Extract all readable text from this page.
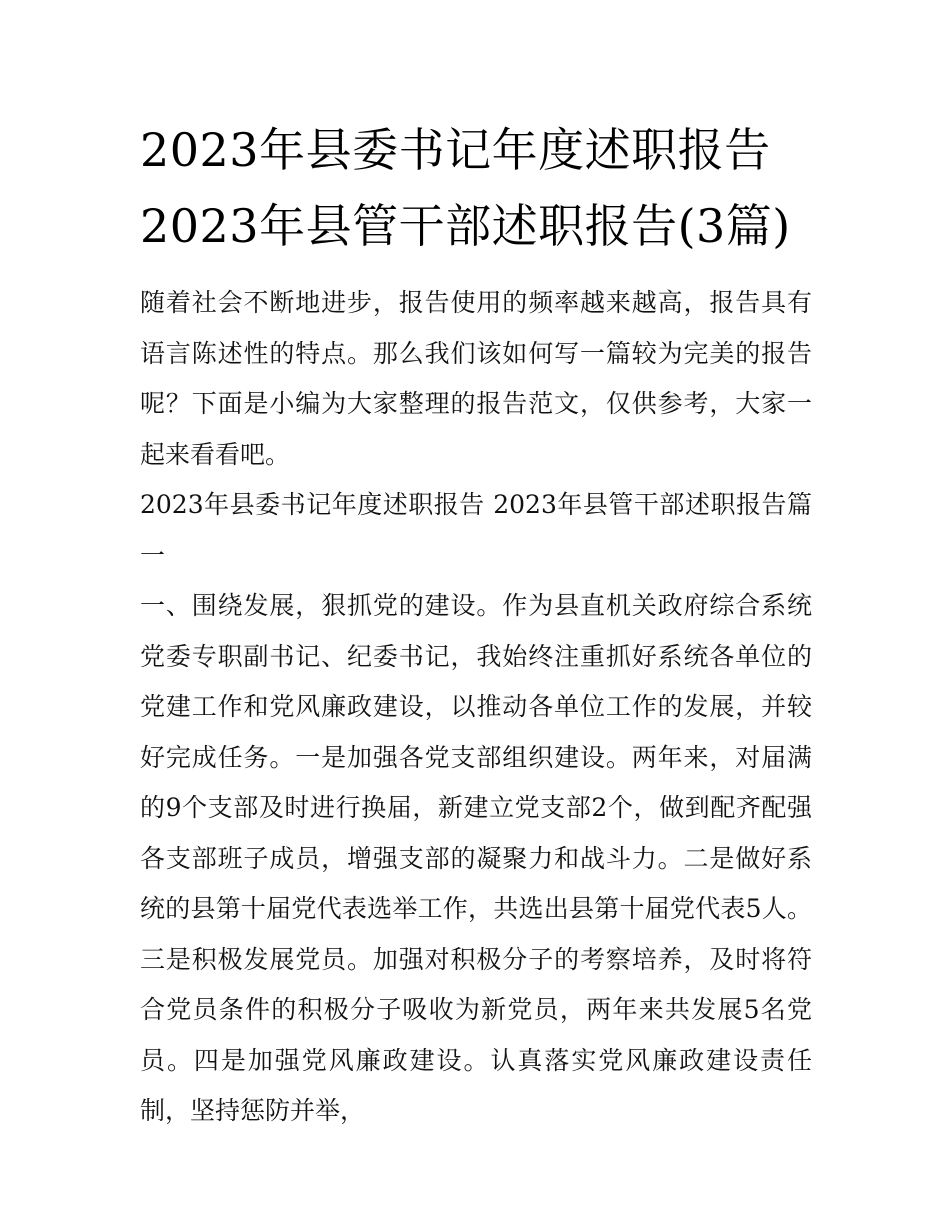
2023年县委书记年度述职报告
2023年县管干部述职报告(3篇)

随着社会不断地进步，报告使用的频率越来越高，报告具有语言陈述性的特点。那么我们该如何写一篇较为完美的报告呢？下面是小编为大家整理的报告范文，仅供参考，大家一起来看看吧。

2023年县委书记年度述职报告 2023年县管干部述职报告篇一

一、围绕发展，狠抓党的建设。作为县直机关政府综合系统党委专职副书记、纪委书记，我始终注重抓好系统各单位的党建工作和党风廉政建设，以推动各单位工作的发展，并较好完成任务。一是加强各党支部组织建设。两年来，对届满的9个支部及时进行换届，新建立党支部2个，做到配齐配强各支部班子成员，增强支部的凝聚力和战斗力。二是做好系统的县第十届党代表选举工作，共选出县第十届党代表5人。三是积极发展党员。加强对积极分子的考察培养，及时将符合党员条件的积极分子吸收为新党员，两年来共发展5名党员。四是加强党风廉政建设。认真落实党风廉政建设责任制，坚持惩防并举，
